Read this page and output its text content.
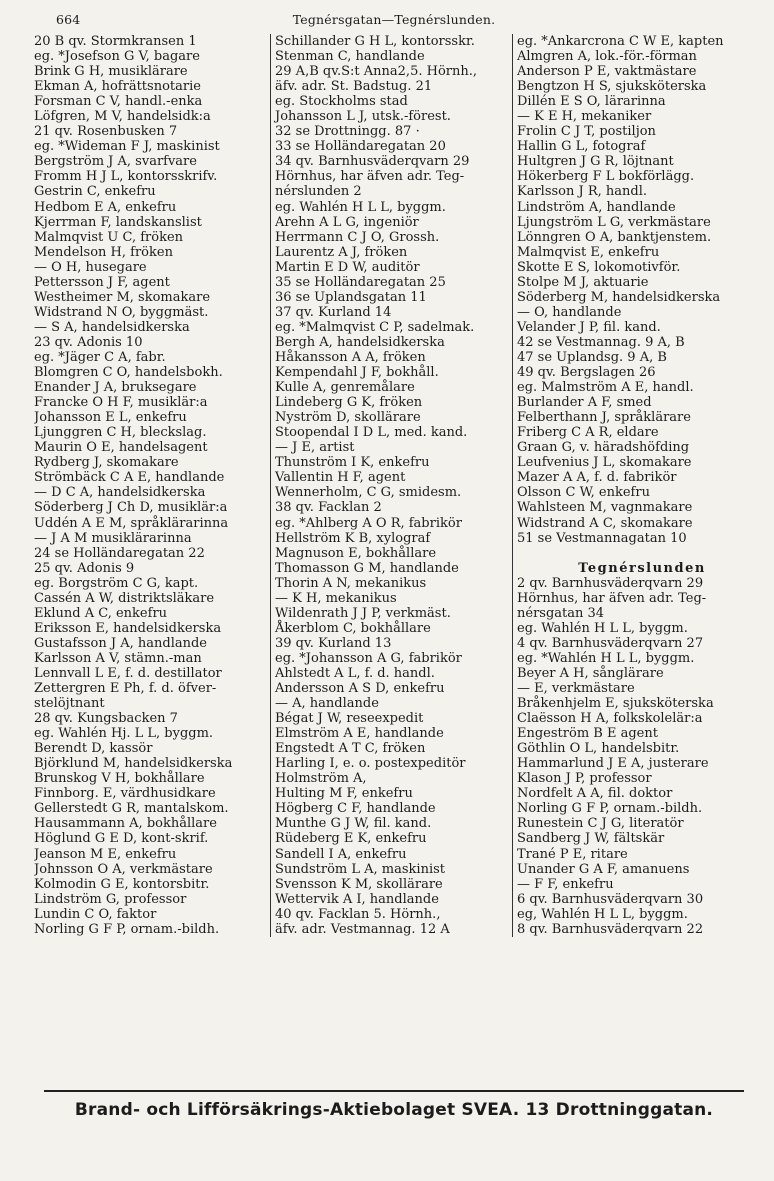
664	Tegnérsgatan—Tegnérslunden.
20 B qv. Stormkransen 1
eg. *Josefson G V, bagare
Brink G H, musiklärare
Ekman A, hofrättsnotarie
Forsman C V, handl.-enka
Löfgren, M V, handelsidk:a
21 qv. Rosenbusken 7
eg. *Wideman F J, maskinist
Bergström J A, svarfvare
Fromm H J L, kontorsskrifv.
Gestrin C, enkefru
Hedbom E A, enkefru
Kjerrman F, landskanslist
Malmqvist U C, fröken
Mendelson H, fröken
— O H, husegare
Pettersson J F, agent
Westheimer M, skomakare
Widstrand N O, byggmäst.
— S A, handelsidkerska
23 qv. Adonis 10
eg. *Jäger C A, fabr.
Blomgren C O, handelsbokh.
Enander J A, bruksegare
Francke O H F, musiklär:a
Johansson E L, enkefru
Ljunggren C H, bleckslag.
Maurin O E, handelsagent
Rydberg J, skomakare
Strömbäck C A E, handlande
— D C A, handelsidkerska
Söderberg J Ch D, musiklär:a
Uddén A E M, språklärarinna
— J A M musiklärarinna
24 se Holländaregatan 22
25 qv. Adonis 9
eg. Borgström C G, kapt.
Cassén A W, distriktsläkare
Eklund A C, enkefru
Eriksson E, handelsidkerska
Gustafsson J A, handlande
Karlsson A V, stämn.-man
Lennvall L E, f. d. destillator
Zettergren E Ph, f. d. öfver-
stelöjtnant
28 qv. Kungsbacken 7
eg. Wahlén Hj. L L, byggm.
Berendt D, kassör
Björklund M, handelsidkerska
Brunskog V H, bokhållare
Finnborg. E, värdhusidkare
Gellerstedt G R, mantalskom.
Hausammann A, bokhållare
Höglund G E D, kont-skrif.
Jeanson M E, enkefru
Johnsson O A, verkmästare
Kolmodin G E, kontorsbitr.
Lindström G, professor
Lundin C O, faktor
Norling G F P, ornam.-bildh.
Schillander G H L, kontorsskr.
Stenman C, handlande
29 A,B qv.S:t Anna2,5. Hörnh.,
äfv. adr. St. Badstug. 21
eg. Stockholms stad
Johansson L J, utsk.-förest.
32 se Drottningg. 87 ·
33 se Holländaregatan 20
34 qv. Barnhusväderqvarn 29
Hörnhus, har äfven adr. Teg-
nérslunden 2
eg. Wahlén H L L, byggm.
Arehn A L G, ingeniör
Herrmann C J O, Grossh.
Laurentz A J, fröken
Martin E D W, auditör
35 se Holländaregatan 25
36 se Uplandsgatan 11
37 qv. Kurland 14
eg. *Malmqvist C P, sadelmak.
Bergh A, handelsidkerska
Håkansson A A, fröken
Kempendahl J F, bokhåll.
Kulle A, genremålare
Lindeberg G K, fröken
Nyström D, skollärare
Stoopendal I D L, med. kand.
— J E, artist
Thunström I K, enkefru
Vallentin H F, agent
Wennerholm, C G, smidesm.
38 qv. Facklan 2
eg. *Ahlberg A O R, fabrikör
Hellström K B, xylograf
Magnuson E, bokhållare
Thomasson G M, handlande
Thorin A N, mekanikus
— K H, mekanikus
Wildenrath J J P, verkmäst.
Åkerblom C, bokhållare
39 qv. Kurland 13
eg. *Johansson A G, fabrikör
Ahlstedt A L, f. d. handl.
Andersson A S D, enkefru
— A, handlande
Bégat J W, reseexpedit
Elmström A E, handlande
Engstedt A T C, fröken
Harling I, e. o. postexpeditör
Holmström A,
Hulting M F, enkefru
Högberg C F, handlande
Munthe G J W, fil. kand.
Rüdeberg E K, enkefru
Sandell I A, enkefru
Sundström L A, maskinist
Svensson K M, skollärare
Wettervik A I, handlande
40 qv. Facklan 5. Hörnh.,
äfv. adr. Vestmannag. 12 A
eg. *Ankarcrona C W E, kapten
Almgren A, lok.-för.-förman
Anderson P E, vaktmästare
Bengtzon H S, sjuksköterska
Dillén E S O, lärarinna
— K E H, mekaniker
Frolin C J T, postiljon
Hallin G L, fotograf
Hultgren J G R, löjtnant
Hökerberg F L bokförlägg.
Karlsson J R, handl.
Lindström A, handlande
Ljungström L G, verkmästare
Lönngren O A, banktjenstem.
Malmqvist E, enkefru
Skotte E S, lokomotivför.
Stolpe M J, aktuarie
Söderberg M, handelsidkerska
— O, handlande
Velander J P, fil. kand.
42 se Vestmannag. 9 A, B
47 se Uplandsg. 9 A, B
49 qv. Bergslagen 26
eg. Malmström A E, handl.
Burlander A F, smed
Felberthann J, språklärare
Friberg C A R, eldare
Graan G, v. häradshöfding
Leufvenius J L, skomakare
Mazer A A, f. d. fabrikör
Olsson C W, enkefru
Wahlsteen M, vagnmakare
Widstrand A C, skomakare
51 se Vestmannagatan 10
Tegnérslunden
2 qv. Barnhusväderqvarn 29
Hörnhus, har äfven adr. Teg-
nérsgatan 34
eg. Wahlén H L L, byggm.
4 qv. Barnhusväderqvarn 27
eg. *Wahlén H L L, byggm.
Beyer A H, sånglärare
— E, verkmästare
Bråkenhjelm E, sjuksköterska
Claësson H A, folkskolelär:a
Engeström B E agent
Göthlin O L, handelsbitr.
Hammarlund J E A, justerare
Klason J P, professor
Nordfelt A A, fil. doktor
Norling G F P, ornam.-bildh.
Runestein C J G, literatör
Sandberg J W, fältskär
Trané P E, ritare
Unander G A F, amanuens
— F F, enkefru
6 qv. Barnhusväderqvarn 30
eg, Wahlén H L L, byggm.
8 qv. Barnhusväderqvarn 22
Brand- och Lifförsäkrings-Aktiebolaget SVEA. 13 Drottninggatan.
